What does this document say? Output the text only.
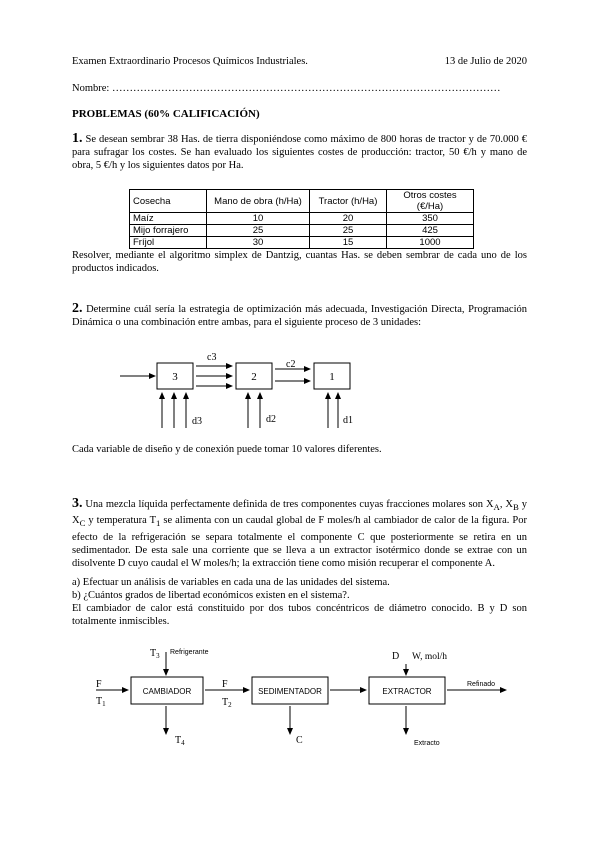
Examen Extraordinario Procesos Químicos Industriales.	13 de Julio de 2020
Nombre: …………………………………………………………………………………………………
PROBLEMAS (60% CALIFICACIÓN)
1. Se desean sembrar 38 Has. de tierra disponiéndose como máximo de 800 horas de tractor y de 70.000 € para sufragar los costes. Se han evaluado los siguientes costes de producción: tractor, 50 €/h y mano de obra, 5 €/h y los siguientes datos por Ha.
Cosecha	Mano de obra (h/Ha)	Tractor (h/Ha)	Otros costes (€/Ha)
Maíz	10	20	350
Mijo forrajero	25	25	425
Fríjol	30	15	1000
Resolver, mediante el algoritmo simplex de Dantzig, cuantas Has. se deben sembrar de cada uno de los productos indicados.
2. Determine cuál sería la estrategia de optimización más adecuada, Investigación Directa, Programación Dinámica o una combinación entre ambas, para el siguiente proceso de 3 unidades:
3	2	1
c3
c2
d3	d2	d1
CAMBIADOR	SEDIMENTADOR	EXTRACTOR
$T_3$ Refrigerante
F
$T_1$
$T_4$
F
$T_2$
C
D W, mol/h
Refinado
Extracto
Cada variable de diseño y de conexión puede tomar 10 valores diferentes.
3. Una mezcla líquida perfectamente definida de tres componentes cuyas fracciones molares son $X_A$, $X_B$ y $X_C$ y temperatura $T_1$ se alimenta con un caudal global de F moles/h al cambiador de calor de la figura. Por efecto de la refrigeración se separa totalmente el componente C que posteriormente se retira en un sedimentador. De esta sale una corriente que se lleva a un extractor isotérmico donde se extrae con un disolvente D cuyo caudal el W moles/h; la extracción tiene como misión recuperar el componente A.
a) Efectuar un análisis de variables en cada una de las unidades del sistema.
b) ¿Cuántos grados de libertad económicos existen en el sistema?.
El cambiador de calor está constituido por dos tubos concéntricos de diámetro conocido. B y D son totalmente inmiscibles.
